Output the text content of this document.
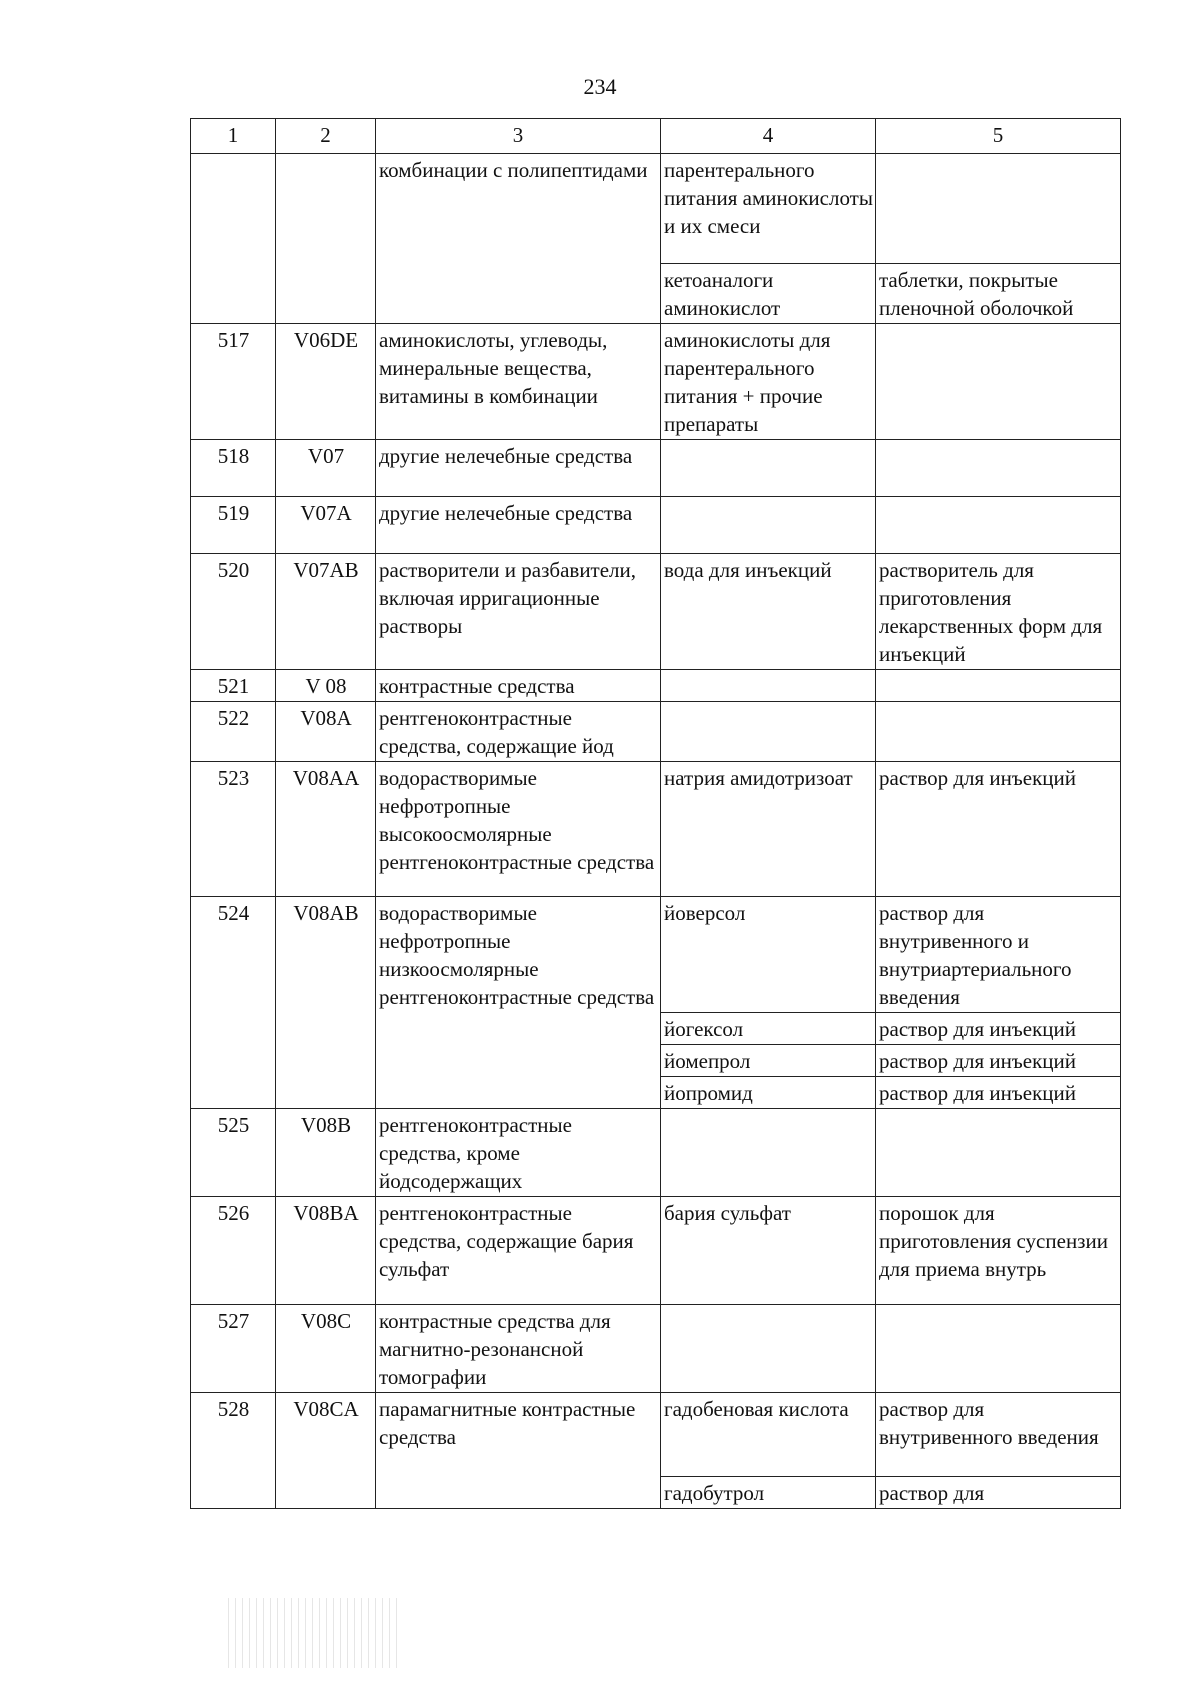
234
1	2	3	4	5
		комбинации с полипептидами	парентерального питания аминокислоты и их смеси	
			кетоаналоги аминокислот	таблетки, покрытые пленочной оболочкой
517	V06DE	аминокислоты, углеводы, минеральные вещества, витамины в комбинации	аминокислоты для парентерального питания + прочие препараты	
518	V07	другие нелечебные средства		
519	V07A	другие нелечебные средства		
520	V07AB	растворители и разбавители, включая ирригационные растворы	вода для инъекций	растворитель для приготовления лекарственных форм для инъекций
521	V 08	контрастные средства		
522	V08A	рентгеноконтрастные средства, содержащие йод		
523	V08AA	водорастворимые нефротропные высокоосмолярные рентгеноконтрастные средства	натрия амидотризоат	раствор для инъекций
524	V08AB	водорастворимые нефротропные низкоосмолярные рентгеноконтрастные средства	йоверсол	раствор для внутривенного и внутриартериального введения
			йогексол	раствор для инъекций
			йомепрол	раствор для инъекций
			йопромид	раствор для инъекций
525	V08B	рентгеноконтрастные средства, кроме йодсодержащих		
526	V08BA	рентгеноконтрастные средства, содержащие бария сульфат	бария сульфат	порошок для приготовления суспензии для приема внутрь
527	V08C	контрастные средства для магнитно-резонансной томографии		
528	V08CA	парамагнитные контрастные средства	гадобеновая кислота	раствор для внутривенного введения
			гадобутрол	раствор для
